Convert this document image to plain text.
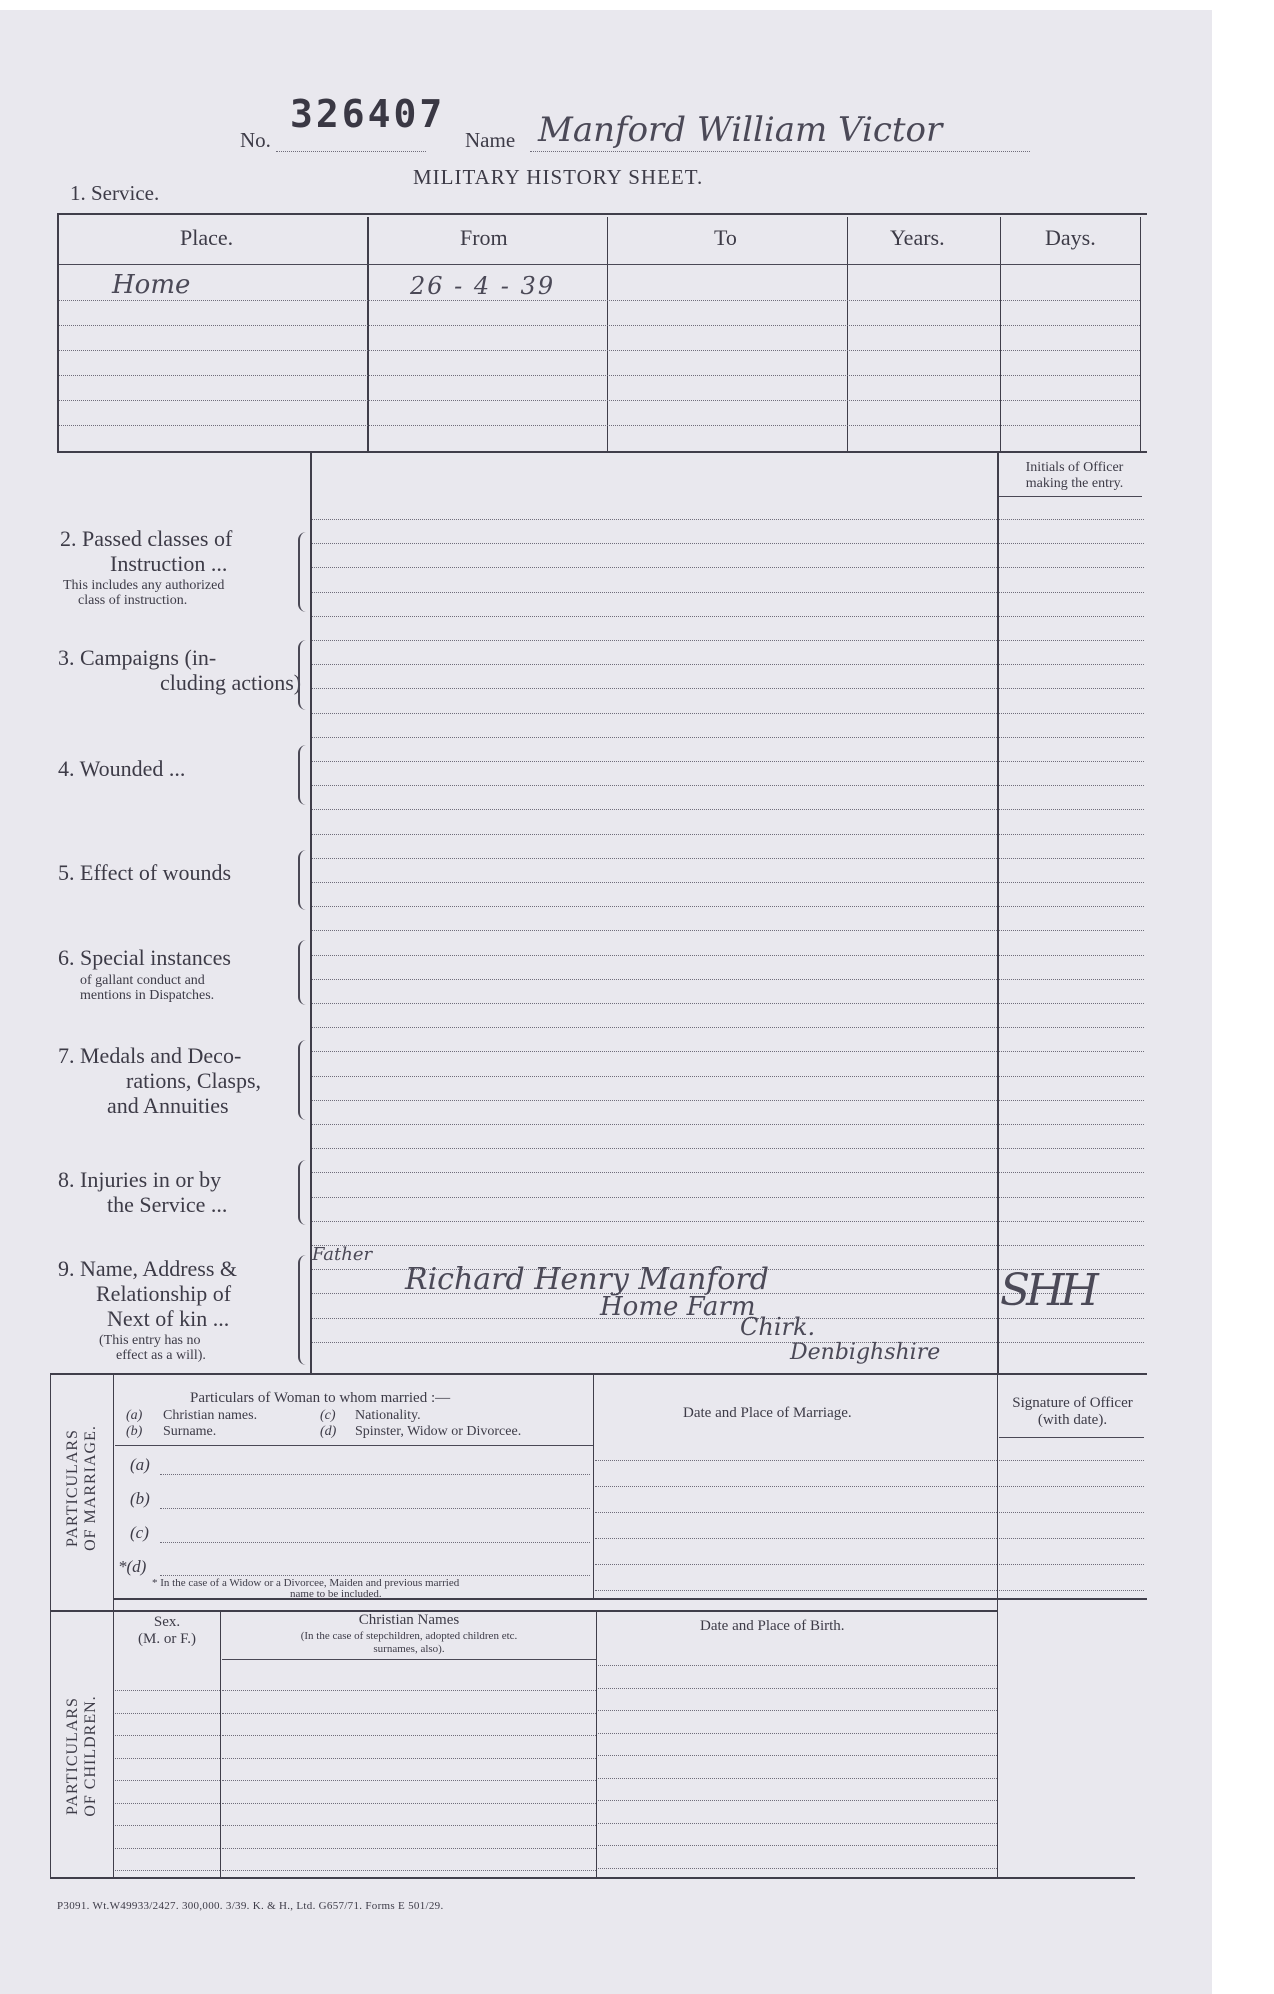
326407
No.	Name Manford William Victor
MILITARY HISTORY SHEET.
1. Service.
Place.	From	To	Years.	Days.
Home	26 - 4 - 39
Initials of Officer making the entry.
2. Passed classes of
Instruction ...
This includes any authorized
class of instruction.
3. Campaigns (in-
cluding actions)
4. Wounded ...
5. Effect of wounds
6. Special instances
of gallant conduct and
mentions in Dispatches.
7. Medals and Deco-
rations, Clasps,
and Annuities
8. Injuries in or by
the Service ...
9. Name, Address &
Relationship of
Next of kin ...
(This entry has no
effect as a will).
Father
Richard Henry Manford
Home Farm
Chirk.
Denbighshire
SHH
PARTICULARS OF MARRIAGE.
Particulars of Woman to whom married :—
(a) Christian names.
(b) Surname.
(c) Nationality.
(d) Spinster, Widow or Divorcee.
(a)
(b)
(c)
*(d)
* In the case of a Widow or a Divorcee, Maiden and previous married
name to be included.
Date and Place of Marriage.
Signature of Officer
(with date).
PARTICULARS OF CHILDREN.
Sex.
(M. or F.)
Christian Names
(In the case of stepchildren, adopted children etc.
surnames, also).
Date and Place of Birth.
P3091. Wt.W49933/2427. 300,000. 3/39. K. & H., Ltd. G657/71. Forms E 501/29.
